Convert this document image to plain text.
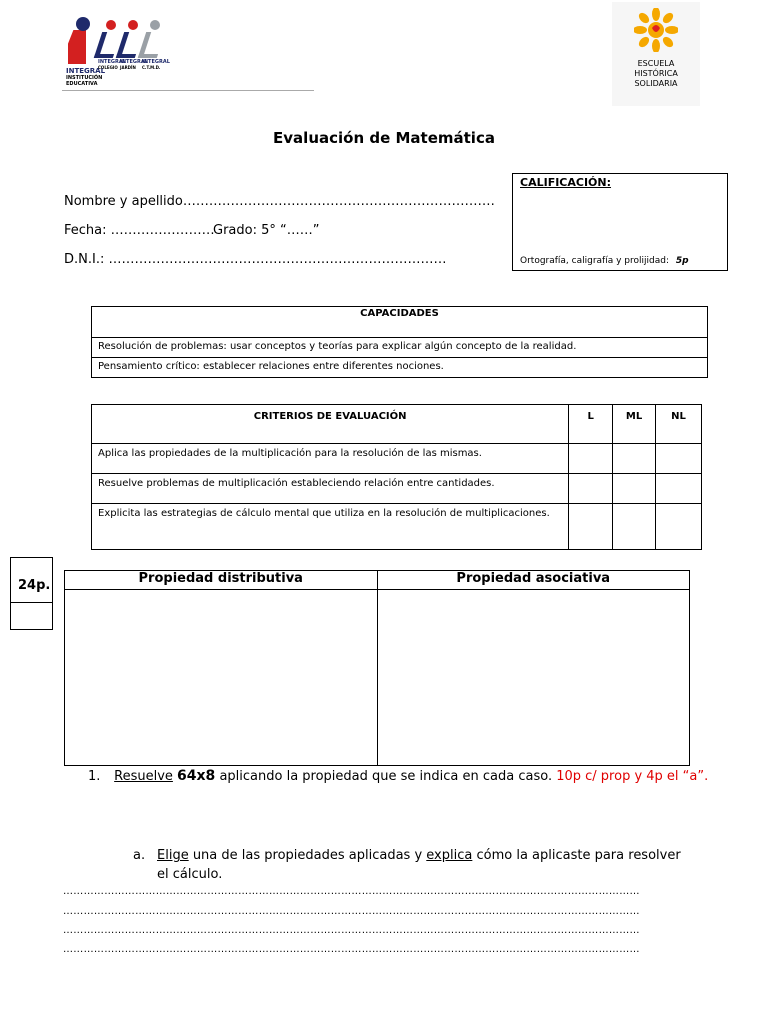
INTEGRAL
INSTITUCIÓN
EDUCATIVA
INTEGRAL
INTEGRAL
INTEGRAL
COLEGIO JARDÍN C.T.M.D.	ESCUELA
HISTÓRICA
SOLIDARIA
Evaluación de Matemática
Nombre y apellido………………………………………………………………
Fecha: ……………………
Grado: 5° “……”
D.N.I.: ……………………………………………………………………
CALIFICACIÓN:
Ortografía, caligrafía y prolijidad: 5p
CAPACIDADES
Resolución de problemas: usar conceptos y teorías para explicar algún concepto de la realidad.
Pensamiento crítico: establecer relaciones entre diferentes nociones.
CRITERIOS DE EVALUACIÓN	L	ML	NL
Aplica las propiedades de la multiplicación para la resolución de las mismas.			
Resuelve problemas de multiplicación estableciendo relación entre cantidades.			
Explicita las estrategias de cálculo mental que utiliza en la resolución de multiplicaciones.			
24p.	Propiedad distributiva	Propiedad asociativa

1. Resuelve 64x8 aplicando la propiedad que se indica en cada caso. 10p c/ prop y 4p el “a”.
a. Elige una de las propiedades aplicadas y explica cómo la aplicaste para resolver el cálculo.
……………………………………………………………………………………………………………………………………………………
……………………………………………………………………………………………………………………………………………………
……………………………………………………………………………………………………………………………………………………
……………………………………………………………………………………………………………………………………………………
